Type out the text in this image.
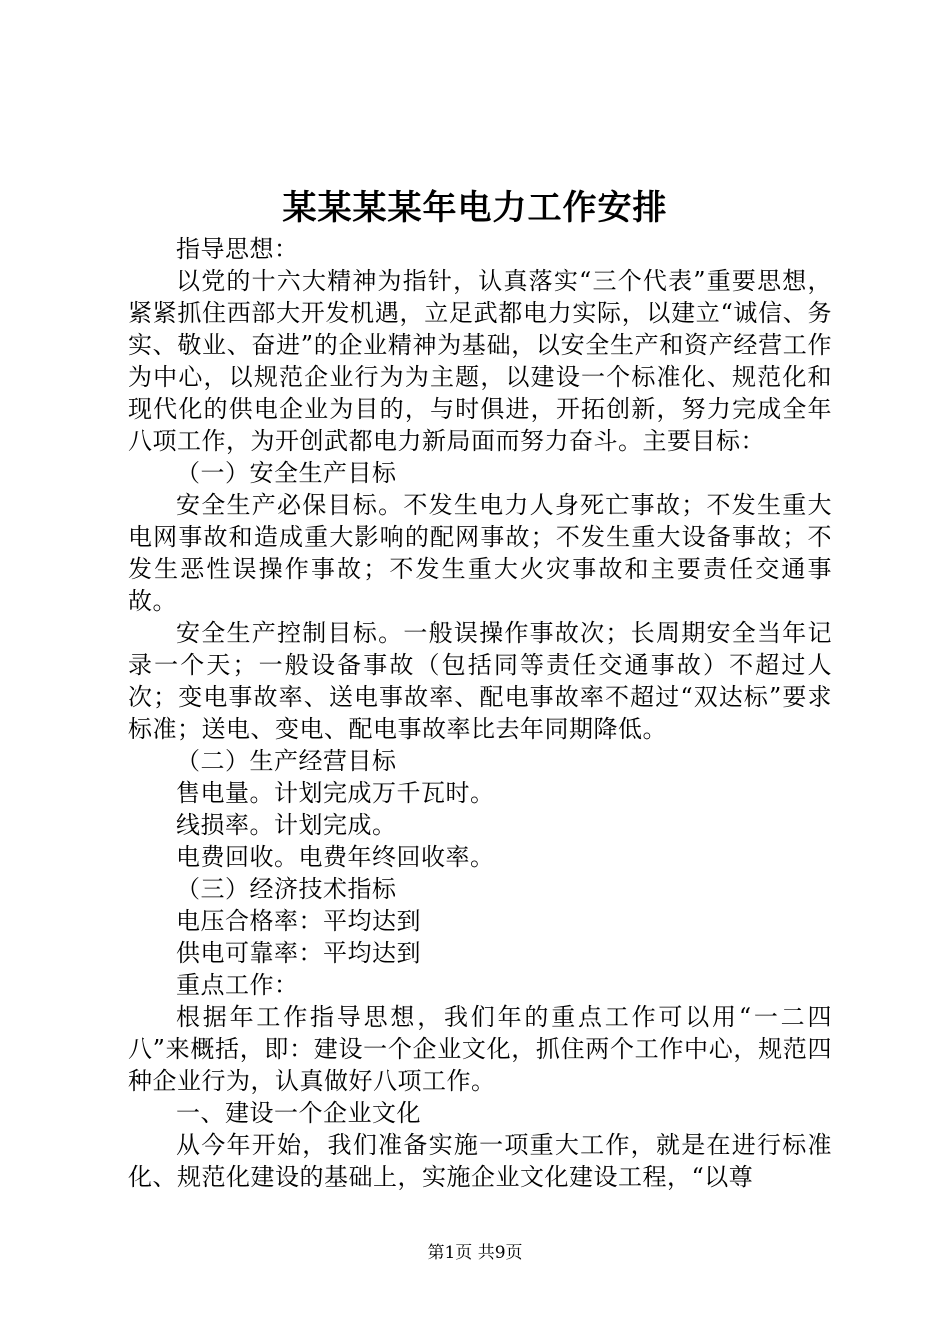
某某某某年电力工作安排

指导思想：

以党的十六大精神为指针，认真落实“三个代表”重要思想，紧紧抓住西部大开发机遇，立足武都电力实际，以建立“诚信、务实、敬业、奋进”的企业精神为基础，以安全生产和资产经营工作为中心，以规范企业行为为主题，以建设一个标准化、规范化和现代化的供电企业为目的，与时俱进，开拓创新，努力完成全年八项工作，为开创武都电力新局面而努力奋斗。主要目标：

（一）安全生产目标

安全生产必保目标。不发生电力人身死亡事故；不发生重大电网事故和造成重大影响的配网事故；不发生重大设备事故；不发生恶性误操作事故；不发生重大火灾事故和主要责任交通事故。

安全生产控制目标。一般误操作事故次；长周期安全当年记录一个天；一般设备事故（包括同等责任交通事故）不超过人次；变电事故率、送电事故率、配电事故率不超过“双达标”要求标准；送电、变电、配电事故率比去年同期降低。

（二）生产经营目标

售电量。计划完成万千瓦时。

线损率。计划完成。

电费回收。电费年终回收率。

（三）经济技术指标

电压合格率：平均达到

供电可靠率：平均达到

重点工作：

根据年工作指导思想，我们年的重点工作可以用“一二四八”来概括，即：建设一个企业文化，抓住两个工作中心，规范四种企业行为，认真做好八项工作。

一、建设一个企业文化

从今年开始，我们准备实施一项重大工作，就是在进行标准化、规范化建设的基础上，实施企业文化建设工程，“以尊

第1页 共9页
